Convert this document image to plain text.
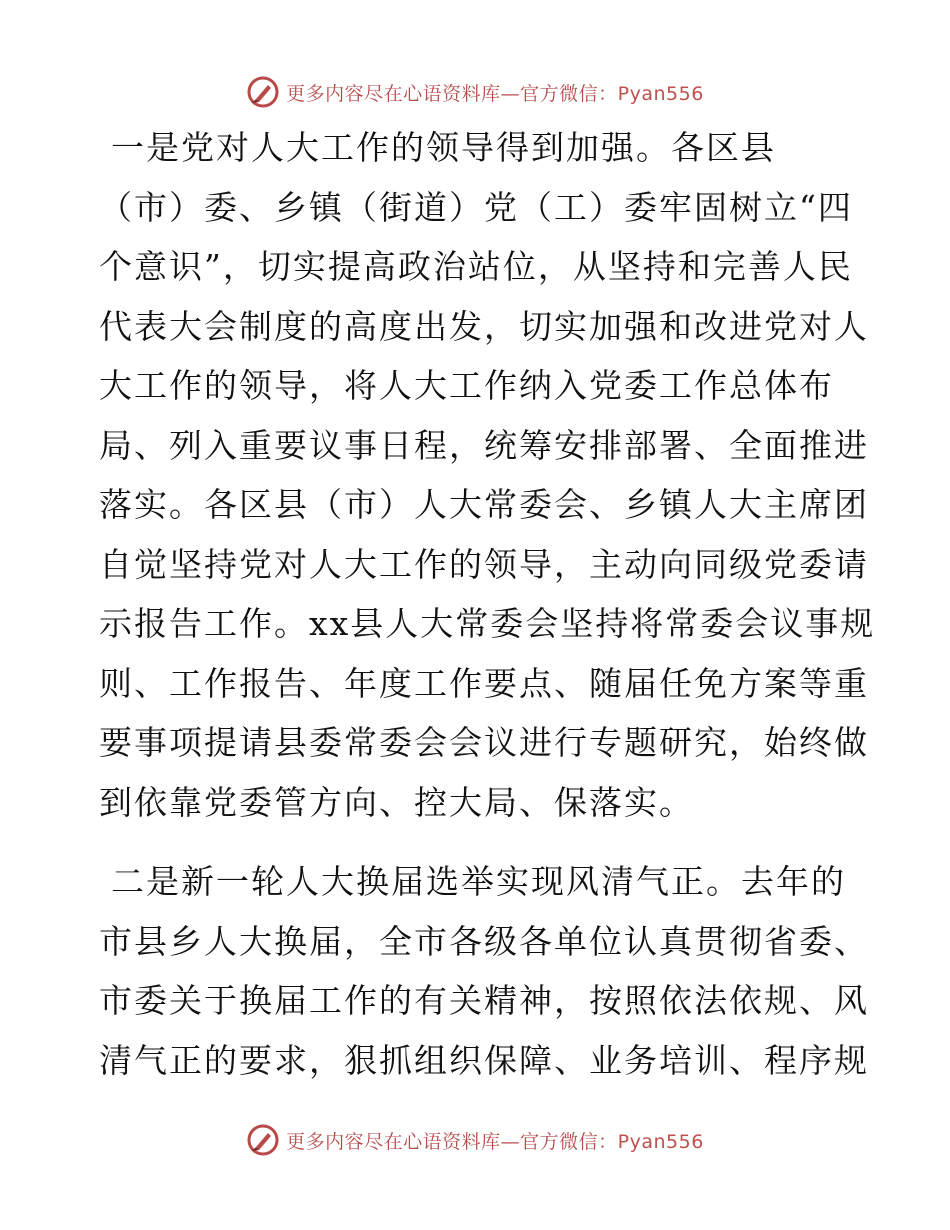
更多内容尽在心语资料库—官方微信：Pyan556

一是党对人大工作的领导得到加强。各区县
（市）委、乡镇（街道）党（工）委牢固树立“四
个意识”，切实提高政治站位，从坚持和完善人民
代表大会制度的高度出发，切实加强和改进党对人
大工作的领导，将人大工作纳入党委工作总体布
局、列入重要议事日程，统筹安排部署、全面推进
落实。各区县（市）人大常委会、乡镇人大主席团
自觉坚持党对人大工作的领导，主动向同级党委请
示报告工作。xx县人大常委会坚持将常委会议事规
则、工作报告、年度工作要点、随届任免方案等重
要事项提请县委常委会会议进行专题研究，始终做
到依靠党委管方向、控大局、保落实。

二是新一轮人大换届选举实现风清气正。去年的
市县乡人大换届，全市各级各单位认真贯彻省委、
市委关于换届工作的有关精神，按照依法依规、风
清气正的要求，狠抓组织保障、业务培训、程序规

更多内容尽在心语资料库—官方微信：Pyan556
